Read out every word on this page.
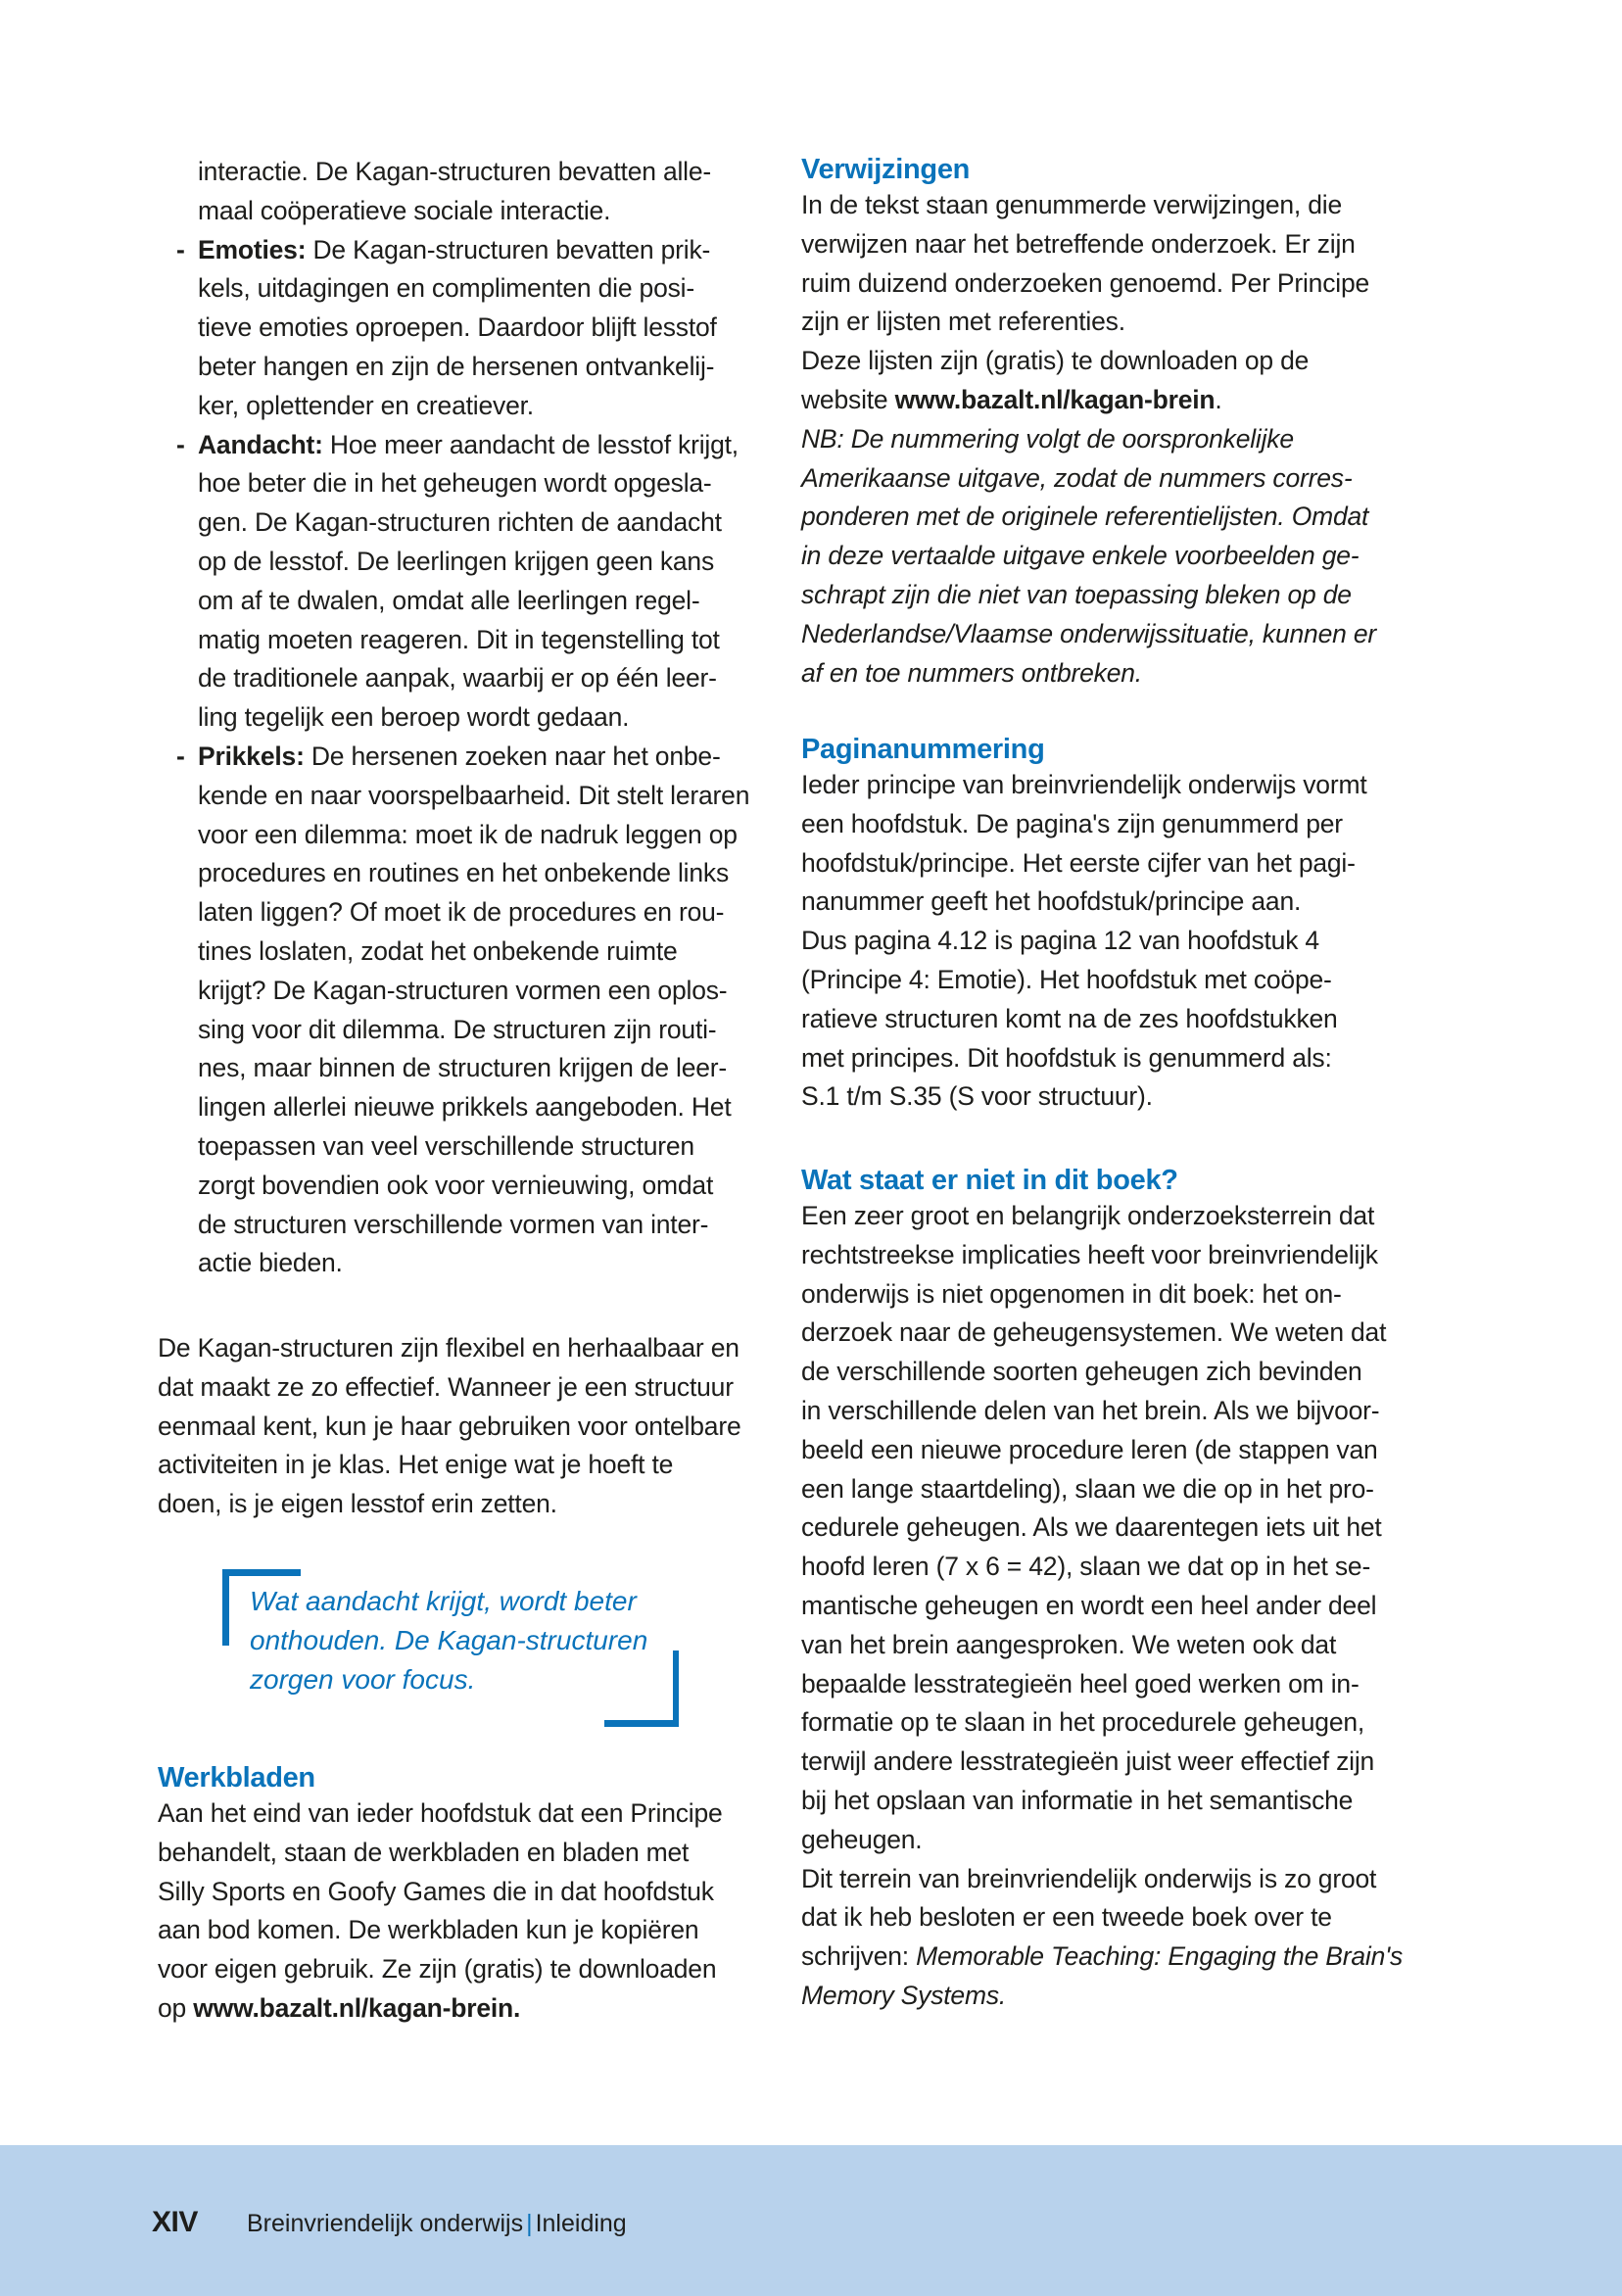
interactie. De Kagan-structuren bevatten alle-
maal coöperatieve sociale interactie.
- Emoties: De Kagan-structuren bevatten prik-
kels, uitdagingen en complimenten die posi-
tieve emoties oproepen. Daardoor blijft lesstof
beter hangen en zijn de hersenen ontvankelij-
ker, oplettender en creatiever.
- Aandacht: Hoe meer aandacht de lesstof krijgt,
hoe beter die in het geheugen wordt opgesla-
gen. De Kagan-structuren richten de aandacht
op de lesstof. De leerlingen krijgen geen kans
om af te dwalen, omdat alle leerlingen regel-
matig moeten reageren. Dit in tegenstelling tot
de traditionele aanpak, waarbij er op één leer-
ling tegelijk een beroep wordt gedaan.
- Prikkels: De hersenen zoeken naar het onbe-
kende en naar voorspelbaarheid. Dit stelt leraren
voor een dilemma: moet ik de nadruk leggen op
procedures en routines en het onbekende links
laten liggen? Of moet ik de procedures en rou-
tines loslaten, zodat het onbekende ruimte
krijgt? De Kagan-structuren vormen een oplos-
sing voor dit dilemma. De structuren zijn routi-
nes, maar binnen de structuren krijgen de leer-
lingen allerlei nieuwe prikkels aangeboden. Het
toepassen van veel verschillende structuren
zorgt bovendien ook voor vernieuwing, omdat
de structuren verschillende vormen van inter-
actie bieden.
De Kagan-structuren zijn flexibel en herhaalbaar en
dat maakt ze zo effectief. Wanneer je een structuur
eenmaal kent, kun je haar gebruiken voor ontelbare
activiteiten in je klas. Het enige wat je hoeft te
doen, is je eigen lesstof erin zetten.
Wat aandacht krijgt, wordt beter
onthouden. De Kagan-structuren
zorgen voor focus.
Werkbladen
Aan het eind van ieder hoofdstuk dat een Principe
behandelt, staan de werkbladen en bladen met
Silly Sports en Goofy Games die in dat hoofdstuk
aan bod komen. De werkbladen kun je kopiëren
voor eigen gebruik. Ze zijn (gratis) te downloaden
op www.bazalt.nl/kagan-brein.
Verwijzingen
In de tekst staan genummerde verwijzingen, die
verwijzen naar het betreffende onderzoek. Er zijn
ruim duizend onderzoeken genoemd. Per Principe
zijn er lijsten met referenties.
Deze lijsten zijn (gratis) te downloaden op de
website www.bazalt.nl/kagan-brein.
NB: De nummering volgt de oorspronkelijke
Amerikaanse uitgave, zodat de nummers corres-
ponderen met de originele referentielijsten. Omdat
in deze vertaalde uitgave enkele voorbeelden ge-
schrapt zijn die niet van toepassing bleken op de
Nederlandse/Vlaamse onderwijssituatie, kunnen er
af en toe nummers ontbreken.
Paginanummering
Ieder principe van breinvriendelijk onderwijs vormt
een hoofdstuk. De pagina's zijn genummerd per
hoofdstuk/principe. Het eerste cijfer van het pagi-
nanummer geeft het hoofdstuk/principe aan.
Dus pagina 4.12 is pagina 12 van hoofdstuk 4
(Principe 4: Emotie). Het hoofdstuk met coöpe-
ratieve structuren komt na de zes hoofdstukken
met principes. Dit hoofdstuk is genummerd als:
S.1 t/m S.35 (S voor structuur).
Wat staat er niet in dit boek?
Een zeer groot en belangrijk onderzoeksterrein dat
rechtstreekse implicaties heeft voor breinvriendelijk
onderwijs is niet opgenomen in dit boek: het on-
derzoek naar de geheugensystemen. We weten dat
de verschillende soorten geheugen zich bevinden
in verschillende delen van het brein. Als we bijvoor-
beeld een nieuwe procedure leren (de stappen van
een lange staartdeling), slaan we die op in het pro-
cedurele geheugen. Als we daarentegen iets uit het
hoofd leren (7 x 6 = 42), slaan we dat op in het se-
mantische geheugen en wordt een heel ander deel
van het brein aangesproken. We weten ook dat
bepaalde lesstrategieën heel goed werken om in-
formatie op te slaan in het procedurele geheugen,
terwijl andere lesstrategieën juist weer effectief zijn
bij het opslaan van informatie in het semantische
geheugen.
Dit terrein van breinvriendelijk onderwijs is zo groot
dat ik heb besloten er een tweede boek over te
schrijven: Memorable Teaching: Engaging the Brain's
Memory Systems.
XIV Breinvriendelijk onderwijs | Inleiding
